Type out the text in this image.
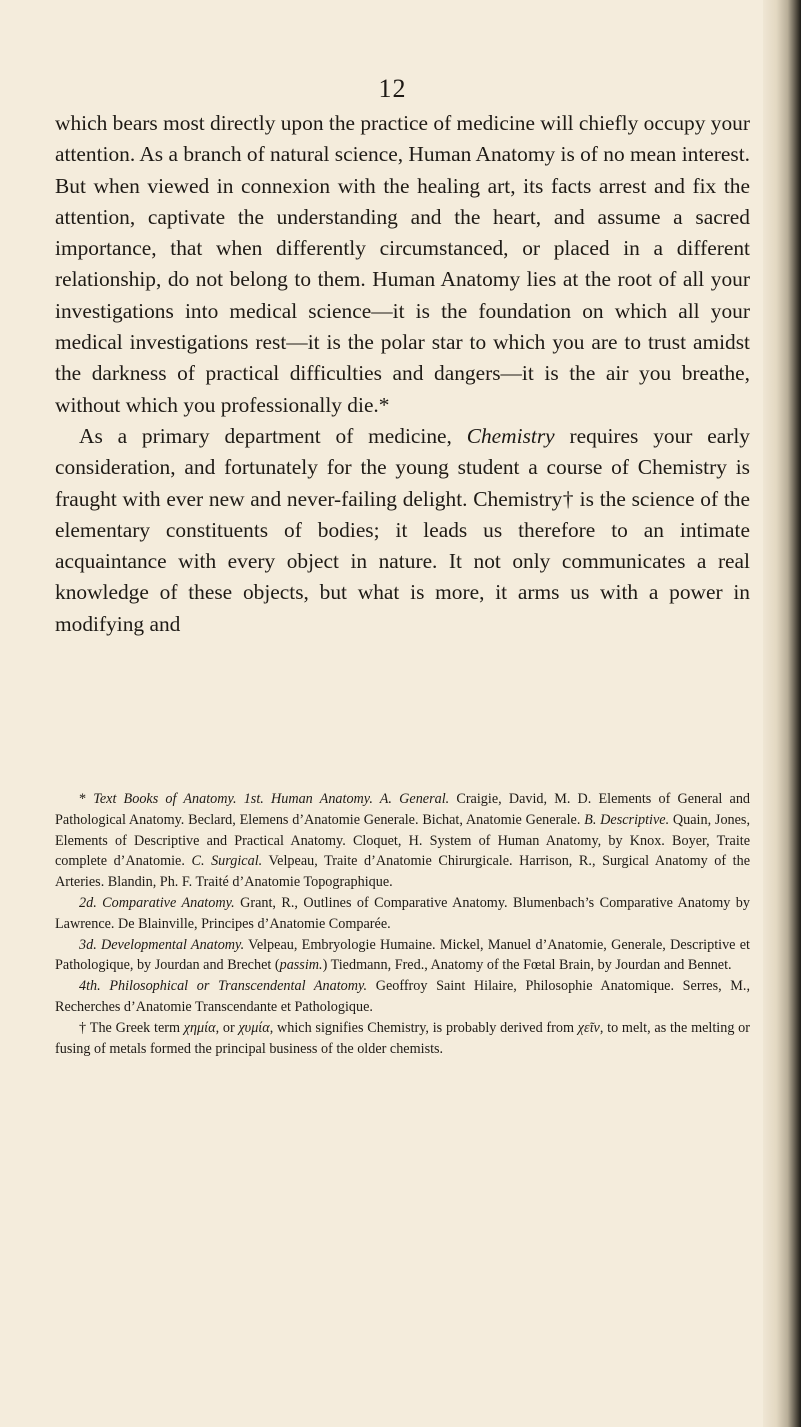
12

which bears most directly upon the practice of medicine will chiefly occupy your attention. As a branch of natural science, Human Anatomy is of no mean interest. But when viewed in connexion with the healing art, its facts arrest and fix the attention, captivate the understanding and the heart, and assume a sacred importance, that when differently circumstanced, or placed in a different relationship, do not belong to them. Human Anatomy lies at the root of all your investigations into medical science—it is the foundation on which all your medical investigations rest—it is the polar star to which you are to trust amidst the darkness of practical difficulties and dangers—it is the air you breathe, without which you professionally die.*

As a primary department of medicine, Chemistry requires your early consideration, and fortunately for the young student a course of Chemistry is fraught with ever new and never-failing delight. Chemistry† is the science of the elementary constituents of bodies; it leads us therefore to an intimate acquaintance with every object in nature. It not only communicates a real knowledge of these objects, but what is more, it arms us with a power in modifying and

* Text Books of Anatomy. 1st. Human Anatomy. A. General. Craigie, David, M. D. Elements of General and Pathological Anatomy. Beclard, Elemens d’Anatomie Generale. Bichat, Anatomie Generale. B. Descriptive. Quain, Jones, Elements of Descriptive and Practical Anatomy. Cloquet, H. System of Human Anatomy, by Knox. Boyer, Traite complete d’Anatomie. C. Surgical. Velpeau, Traite d’Anatomie Chirurgicale. Harrison, R., Surgical Anatomy of the Arteries. Blandin, Ph. F. Traité d’Anatomie Topographique.

2d. Comparative Anatomy. Grant, R., Outlines of Comparative Anatomy. Blumenbach’s Comparative Anatomy by Lawrence. De Blainville, Principes d’Anatomie Comparée.

3d. Developmental Anatomy. Velpeau, Embryologie Humaine. Mickel, Manuel d’Anatomie, Generale, Descriptive et Pathologique, by Jourdan and Brechet (passim.) Tiedmann, Fred., Anatomy of the Fœtal Brain, by Jourdan and Bennet.

4th. Philosophical or Transcendental Anatomy. Geoffroy Saint Hilaire, Philosophie Anatomique. Serres, M., Recherches d’Anatomie Transcendante et Pathologique.

† The Greek term χημία, or χυμία, which signifies Chemistry, is probably derived from χεῖν, to melt, as the melting or fusing of metals formed the principal business of the older chemists.
